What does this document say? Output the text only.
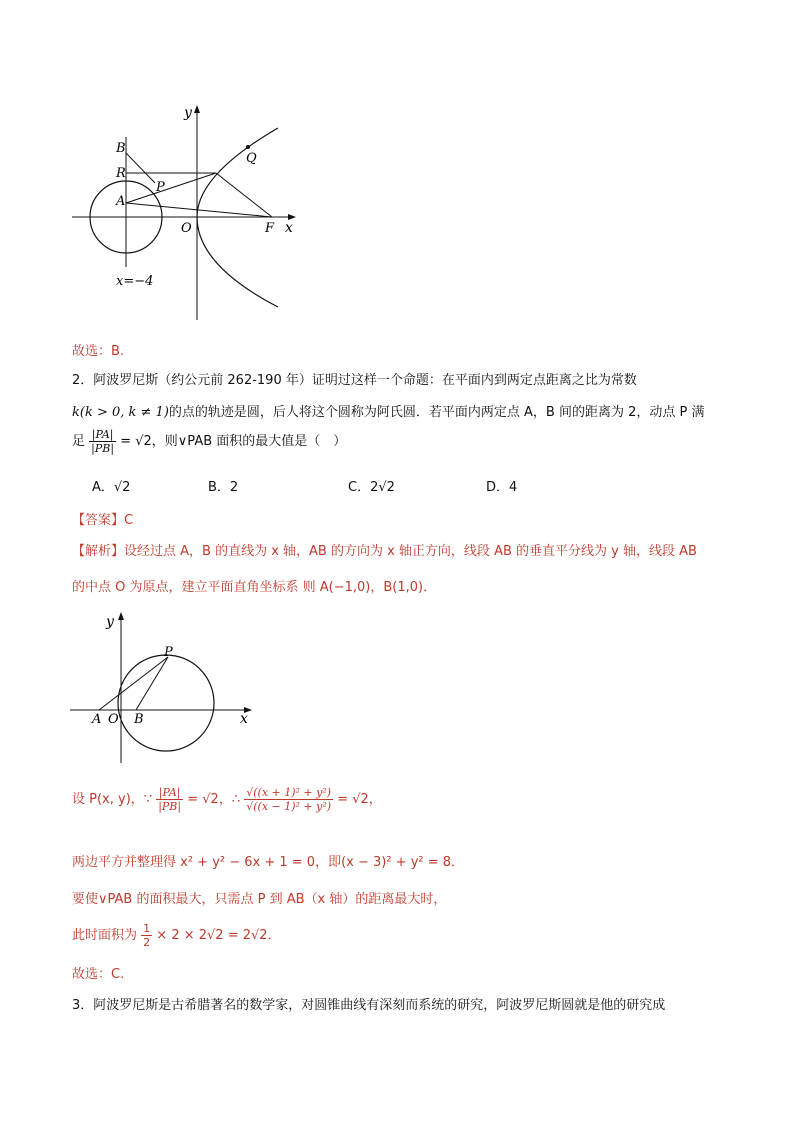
y
x
B
R
P
A
O	F
Q
x=−4
故选：B.
2．阿波罗尼斯（约公元前 262-190 年）证明过这样一个命题：在平面内到两定点距离之比为常数
k(k > 0, k ≠ 1)的点的轨迹是圆，后人将这个圆称为阿氏圆．若平面内两定点 A，B 间的距离为 2，动点 P 满
足 $\frac{|PA|}{|PB|} = √2$，则∨PAB 面积的最大值是（　）
A．√2	B．2	C．2√2	D．4
【答案】C
【解析】设经过点 A，B 的直线为 x 轴，AB 的方向为 x 轴正方向，线段 AB 的垂直平分线为 y 轴，线段 AB
的中点 O 为原点，建立平面直角坐标系 则 A(−1,0)，B(1,0)．
y
P
A O B	x
设 P(x, y)，∵ $\frac{|PA|}{|PB|} = √2$，∴ $\frac{\text{√((x + 1)² + y²)}}{\text{√((x − 1)² + y²)}} = √2$，
两边平方并整理得 x² + y² − 6x + 1 = 0，即(x − 3)² + y² = 8．
要使∨PAB 的面积最大，只需点 P 到 AB（x 轴）的距离最大时，
此时面积为 $\frac{1}{2} \times 2 \times 2√2 = 2√2$．
故选：C.
3．阿波罗尼斯是古希腊著名的数学家，对圆锥曲线有深刻而系统的研究，阿波罗尼斯圆就是他的研究成
